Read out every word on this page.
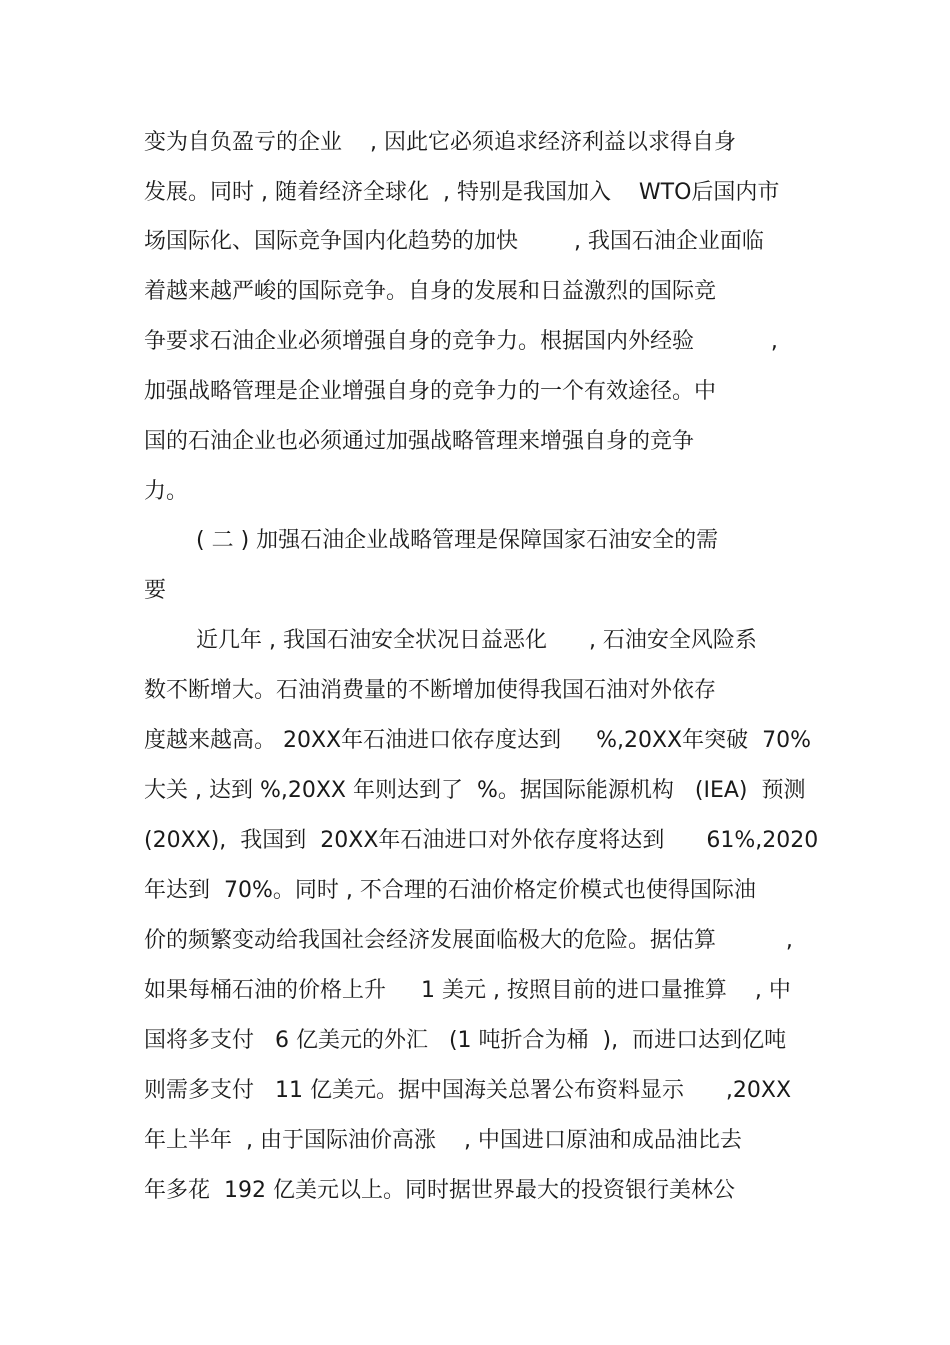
变为自负盈亏的企业    , 因此它必须追求经济利益以求得自身
发展。同时 , 随着经济全球化  , 特别是我国加入    WTO后国内市
场国际化、国际竞争国内化趋势的加快        , 我国石油企业面临
着越来越严峻的国际竞争。自身的发展和日益激烈的国际竞
争要求石油企业必须增强自身的竞争力。根据国内外经验           ,
加强战略管理是企业增强自身的竞争力的一个有效途径。中
国的石油企业也必须通过加强战略管理来增强自身的竞争
力。
( 二 ) 加强石油企业战略管理是保障国家石油安全的需
要
近几年 , 我国石油安全状况日益恶化      , 石油安全风险系
数不断增大。石油消费量的不断增加使得我国石油对外依存
度越来越高。 20XX年石油进口依存度达到     %,20XX年突破  70%
大关 , 达到 %,20XX 年则达到了  %。据国际能源机构   (IEA)  预测
(20XX),  我国到  20XX年石油进口对外依存度将达到      61%,2020
年达到  70%。同时 , 不合理的石油价格定价模式也使得国际油
价的频繁变动给我国社会经济发展面临极大的危险。据估算          ,
如果每桶石油的价格上升     1 美元 , 按照目前的进口量推算    , 中
国将多支付   6 亿美元的外汇   (1 吨折合为桶  ),  而进口达到亿吨
则需多支付   11 亿美元。据中国海关总署公布资料显示      ,20XX
年上半年  , 由于国际油价高涨    , 中国进口原油和成品油比去
年多花  192 亿美元以上。同时据世界最大的投资银行美林公
